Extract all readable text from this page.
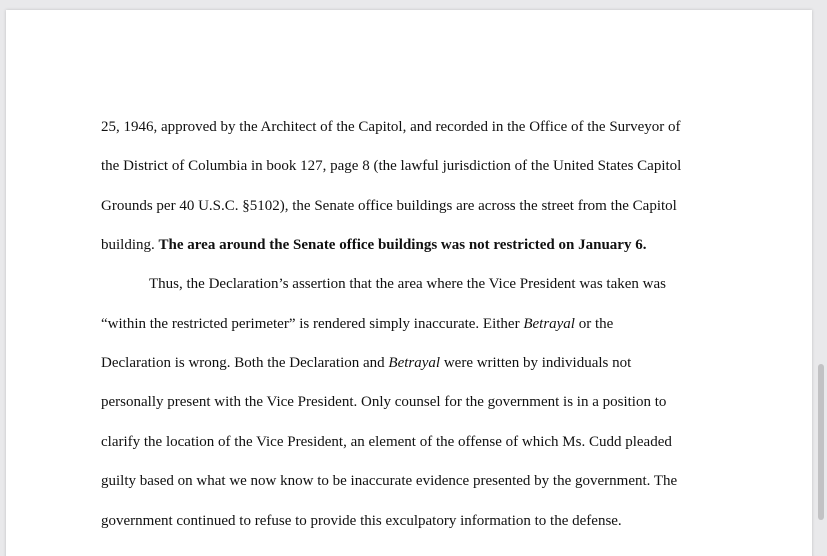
25, 1946, approved by the Architect of the Capitol, and recorded in the Office of the Surveyor of
the District of Columbia in book 127, page 8 (the lawful jurisdiction of the United States Capitol
Grounds per 40 U.S.C. §5102), the Senate office buildings are across the street from the Capitol
building. The area around the Senate office buildings was not restricted on January 6.
Thus, the Declaration’s assertion that the area where the Vice President was taken was
“within the restricted perimeter” is rendered simply inaccurate. Either Betrayal or the
Declaration is wrong. Both the Declaration and Betrayal were written by individuals not
personally present with the Vice President. Only counsel for the government is in a position to
clarify the location of the Vice President, an element of the offense of which Ms. Cudd pleaded
guilty based on what we now know to be inaccurate evidence presented by the government. The
government continued to refuse to provide this exculpatory information to the defense.
